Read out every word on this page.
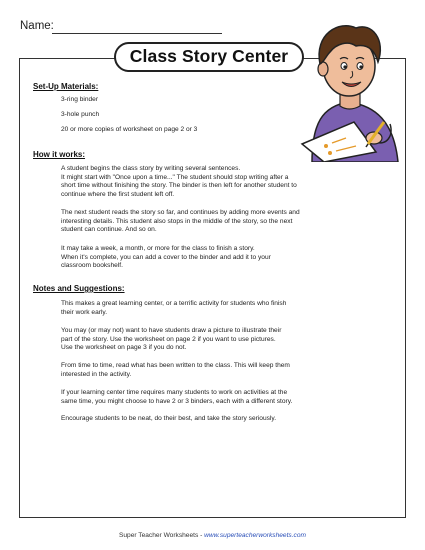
Name:
Class Story Center
Set-Up Materials:
3-ring binder
3-hole punch
20 or more copies of worksheet on page 2 or 3
How it works:
A student begins the class story by writing several sentences.
It might start with "Once upon a time..." The student should stop writing after a
short time without finishing the story. The binder is then left for another student to
continue where the first student left off.
The next student reads the story so far, and continues by adding more events and
interesting details. This student also stops in the middle of the story, so the next
student can continue. And so on.
It may take a week, a month, or more for the class to finish a story.
When it's complete, you can add a cover to the binder and add it to your
classroom bookshelf.
Notes and Suggestions:
This makes a great learning center, or a terrific activity for students who finish
their work early.
You may (or may not) want to have students draw a picture to illustrate their
part of the story. Use the worksheet on page 2 if you want to use pictures.
Use the worksheet on page 3 if you do not.
From time to time, read what has been written to the class. This will keep them
interested in the activity.
If your learning center time requires many students to work on activities at the
same time, you might choose to have 2 or 3 binders, each with a different story.
Encourage students to be neat, do their best, and take the story seriously.
Super Teacher Worksheets - www.superteacherworksheets.com
